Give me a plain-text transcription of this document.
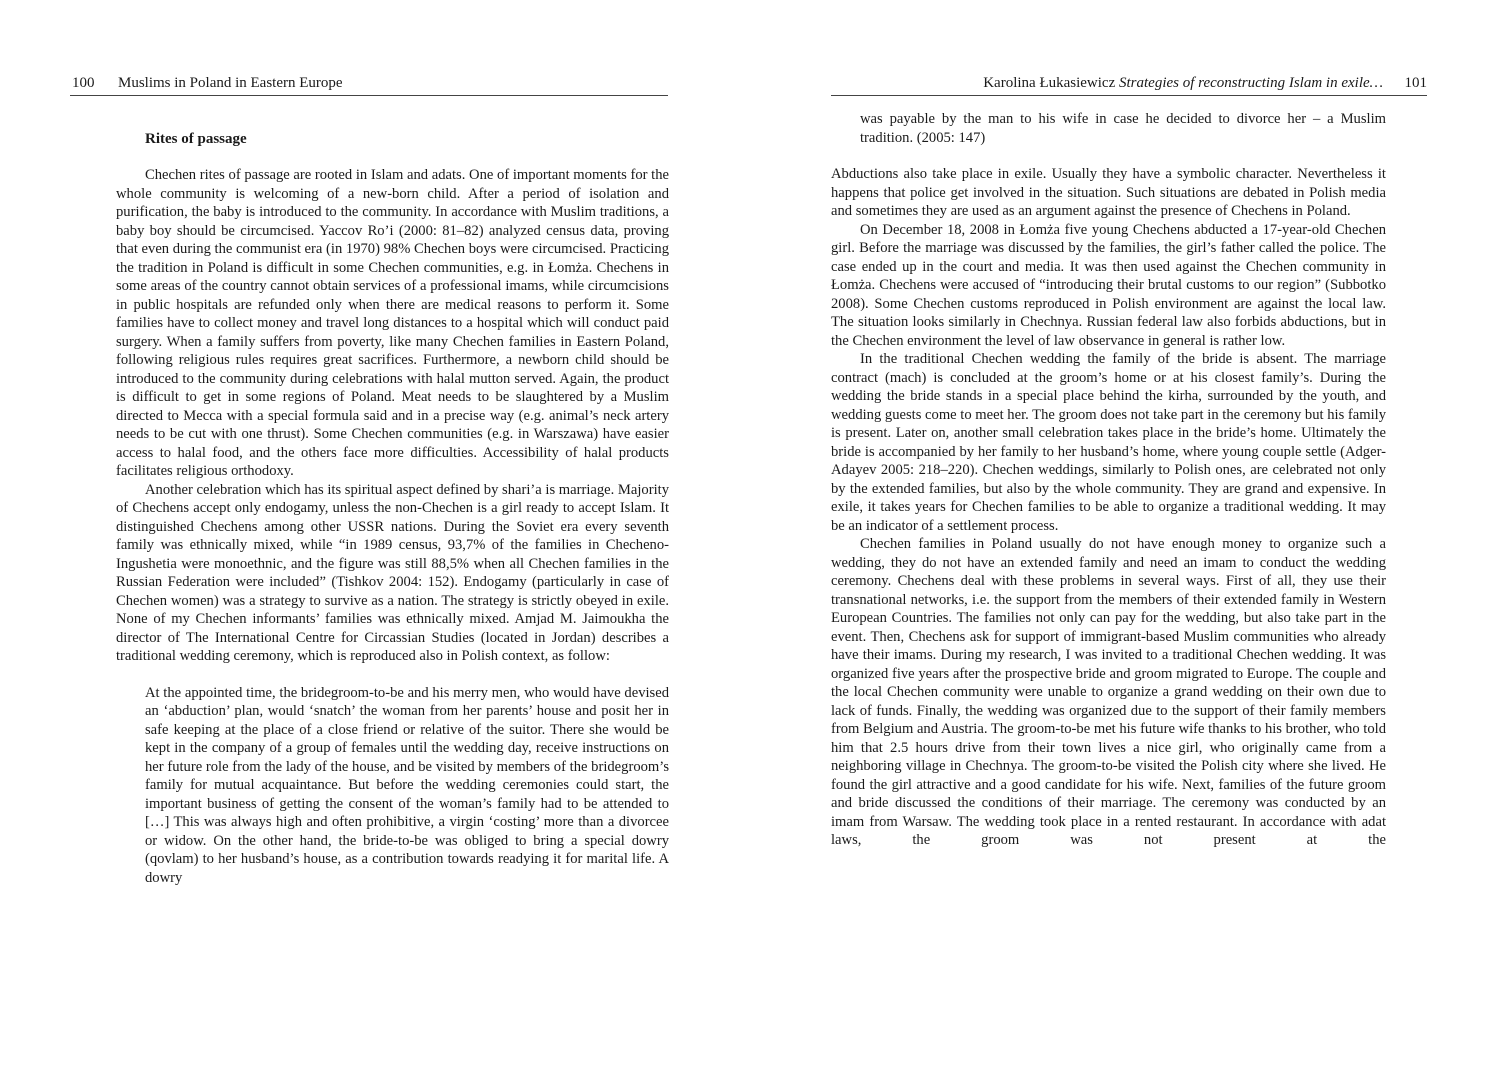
100 Muslims in Poland in Eastern Europe
Rites of passage

Chechen rites of passage are rooted in Islam and adats. One of important moments for the whole community is welcoming of a new-born child. After a period of isolation and purification, the baby is introduced to the community. In accordance with Muslim traditions, a baby boy should be circumcised. Yaccov Ro’i (2000: 81–82) analyzed census data, proving that even during the communist era (in 1970) 98% Chechen boys were circumcised. Practicing the tradition in Poland is difficult in some Chechen communities, e.g. in Łomża. Chechens in some areas of the country cannot obtain services of a professional imams, while circumcisions in public hospitals are refunded only when there are medical reasons to perform it. Some families have to collect money and travel long distances to a hospital which will conduct paid surgery. When a family suffers from poverty, like many Chechen families in Eastern Poland, following religious rules requires great sacrifices. Furthermore, a newborn child should be introduced to the community during celebrations with halal mutton served. Again, the product is difficult to get in some regions of Poland. Meat needs to be slaughtered by a Muslim directed to Mecca with a special formula said and in a precise way (e.g. animal’s neck artery needs to be cut with one thrust). Some Chechen communities (e.g. in Warszawa) have easier access to halal food, and the others face more difficulties. Accessibility of halal products facilitates religious orthodoxy.

Another celebration which has its spiritual aspect defined by shari’a is marriage. Majority of Chechens accept only endogamy, unless the non-Chechen is a girl ready to accept Islam. It distinguished Chechens among other USSR nations. During the Soviet era every seventh family was ethnically mixed, while “in 1989 census, 93,7% of the families in Checheno-Ingushetia were monoethnic, and the figure was still 88,5% when all Chechen families in the Russian Federation were included” (Tishkov 2004: 152). Endogamy (particularly in case of Chechen women) was a strategy to survive as a nation. The strategy is strictly obeyed in exile. None of my Chechen informants’ families was ethnically mixed. Amjad M. Jaimoukha the director of The International Centre for Circassian Studies (located in Jordan) describes a traditional wedding ceremony, which is reproduced also in Polish context, as follow:

At the appointed time, the bridegroom-to-be and his merry men, who would have devised an ‘abduction’ plan, would ‘snatch’ the woman from her parents’ house and posit her in safe keeping at the place of a close friend or relative of the suitor. There she would be kept in the company of a group of females until the wedding day, receive instructions on her future role from the lady of the house, and be visited by members of the bridegroom’s family for mutual acquaintance. But before the wedding ceremonies could start, the important business of getting the consent of the woman’s family had to be attended to […] This was always high and often prohibitive, a virgin ‘costing’ more than a divorcee or widow. On the other hand, the bride-to-be was obliged to bring a special dowry (qovlam) to her husband’s house, as a contribution towards readying it for marital life. A dowry

Karolina Łukasiewicz Strategies of reconstructing Islam in exile… 101

was payable by the man to his wife in case he decided to divorce her – a Muslim tradition. (2005: 147)

Abductions also take place in exile. Usually they have a symbolic character. Nevertheless it happens that police get involved in the situation. Such situations are debated in Polish media and sometimes they are used as an argument against the presence of Chechens in Poland.

On December 18, 2008 in Łomża five young Chechens abducted a 17-year-old Chechen girl. Before the marriage was discussed by the families, the girl’s father called the police. The case ended up in the court and media. It was then used against the Chechen community in Łomża. Chechens were accused of “introducing their brutal customs to our region” (Subbotko 2008). Some Chechen customs reproduced in Polish environment are against the local law. The situation looks similarly in Chechnya. Russian federal law also forbids abductions, but in the Chechen environment the level of law observance in general is rather low.

In the traditional Chechen wedding the family of the bride is absent. The marriage contract (mach) is concluded at the groom’s home or at his closest family’s. During the wedding the bride stands in a special place behind the kirha, surrounded by the youth, and wedding guests come to meet her. The groom does not take part in the ceremony but his family is present. Later on, another small celebration takes place in the bride’s home. Ultimately the bride is accompanied by her family to her husband’s home, where young couple settle (Adger-Adayev 2005: 218–220). Chechen weddings, similarly to Polish ones, are celebrated not only by the extended families, but also by the whole community. They are grand and expensive. In exile, it takes years for Chechen families to be able to organize a traditional wedding. It may be an indicator of a settlement process.

Chechen families in Poland usually do not have enough money to organize such a wedding, they do not have an extended family and need an imam to conduct the wedding ceremony. Chechens deal with these problems in several ways. First of all, they use their transnational networks, i.e. the support from the members of their extended family in Western European Countries. The families not only can pay for the wedding, but also take part in the event. Then, Chechens ask for support of immigrant-based Muslim communities who already have their imams. During my research, I was invited to a traditional Chechen wedding. It was organized five years after the prospective bride and groom migrated to Europe. The couple and the local Chechen community were unable to organize a grand wedding on their own due to lack of funds. Finally, the wedding was organized due to the support of their family members from Belgium and Austria. The groom-to-be met his future wife thanks to his brother, who told him that 2.5 hours drive from their town lives a nice girl, who originally came from a neighboring village in Chechnya. The groom-to-be visited the Polish city where she lived. He found the girl attractive and a good candidate for his wife. Next, families of the future groom and bride discussed the conditions of their marriage. The ceremony was conducted by an imam from Warsaw. The wedding took place in a rented restaurant. In accordance with adat laws, the groom was not present at the
